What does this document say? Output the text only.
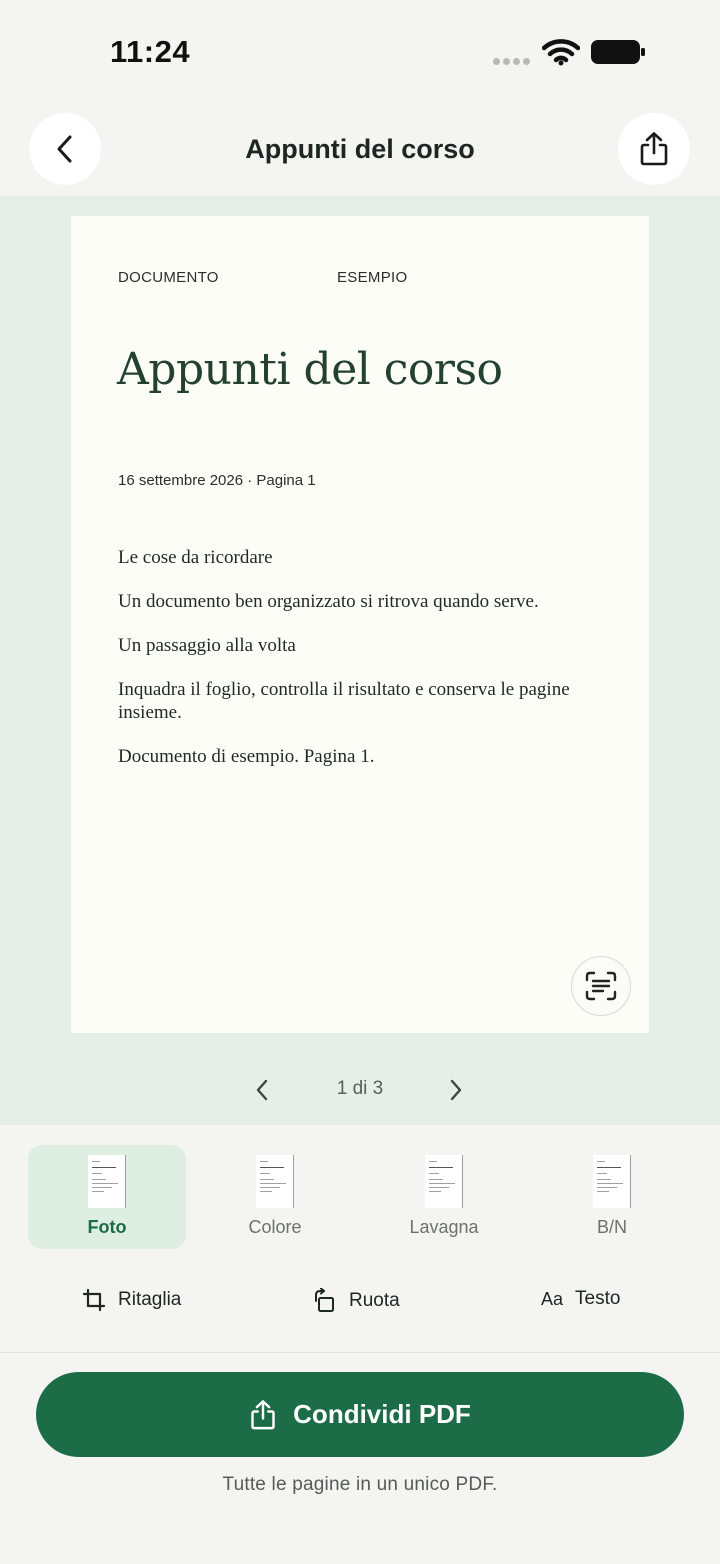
11:24
Appunti del corso
DOCUMENTO	ESEMPIO
Appunti del corso
16 settembre 2026 · Pagina 1

Le cose da ricordare

Un documento ben organizzato si ritrova quando serve.

Un passaggio alla volta

Inquadra il foglio, controlla il risultato e conserva le pagine insieme.

Documento di esempio. Pagina 1.

1 di 3
Foto	Colore	Lavagna	B/N
Ritaglia	Ruota	Aa Testo
Condividi PDF
Tutte le pagine in un unico PDF.
